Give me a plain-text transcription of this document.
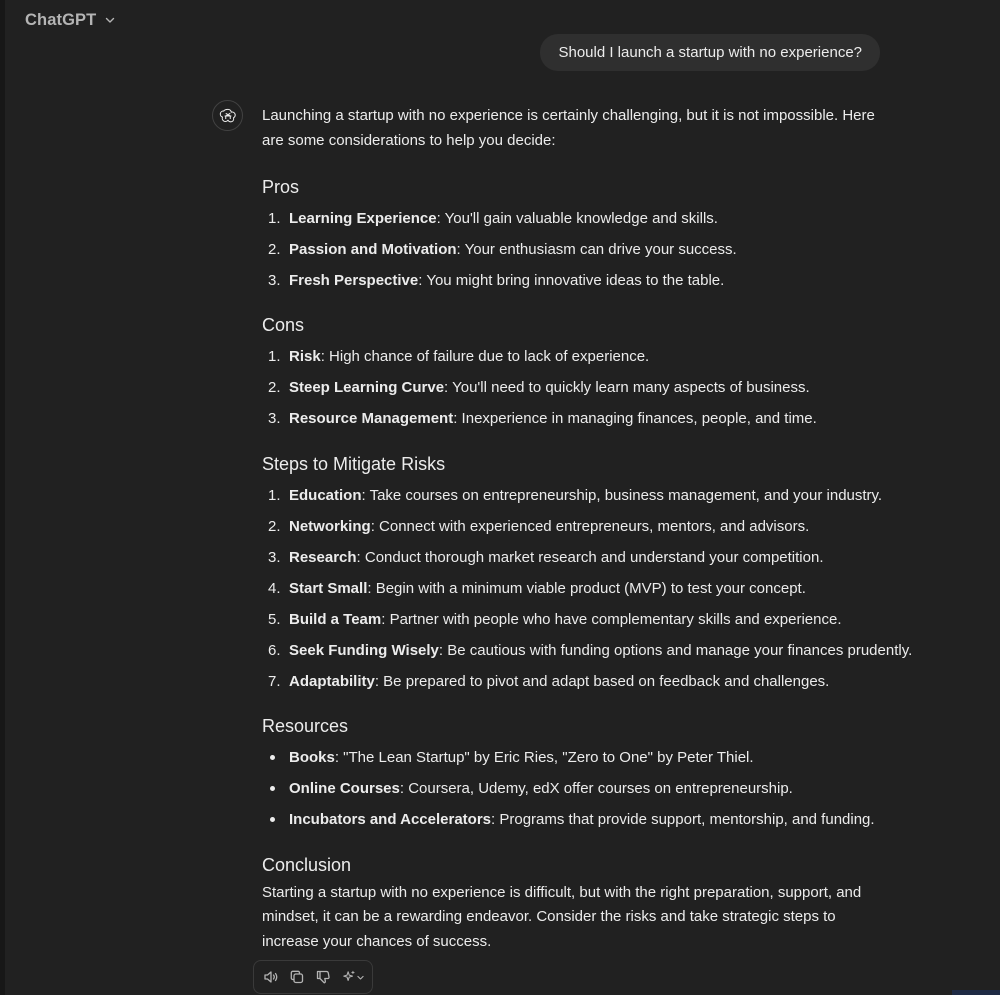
ChatGPT
Should I launch a startup with no experience?

Launching a startup with no experience is certainly challenging, but it is not impossible. Here are some considerations to help you decide:

Pros
1. Learning Experience: You'll gain valuable knowledge and skills.
2. Passion and Motivation: Your enthusiasm can drive your success.
3. Fresh Perspective: You might bring innovative ideas to the table.
Cons
1. Risk: High chance of failure due to lack of experience.
2. Steep Learning Curve: You'll need to quickly learn many aspects of business.
3. Resource Management: Inexperience in managing finances, people, and time.
Steps to Mitigate Risks
1. Education: Take courses on entrepreneurship, business management, and your industry.
2. Networking: Connect with experienced entrepreneurs, mentors, and advisors.
3. Research: Conduct thorough market research and understand your competition.
4. Start Small: Begin with a minimum viable product (MVP) to test your concept.
5. Build a Team: Partner with people who have complementary skills and experience.
6. Seek Funding Wisely: Be cautious with funding options and manage your finances prudently.
7. Adaptability: Be prepared to pivot and adapt based on feedback and challenges.
Resources
Books: "The Lean Startup" by Eric Ries, "Zero to One" by Peter Thiel.
Online Courses: Coursera, Udemy, edX offer courses on entrepreneurship.
Incubators and Accelerators: Programs that provide support, mentorship, and funding.
Conclusion

Starting a startup with no experience is difficult, but with the right preparation, support, and mindset, it can be a rewarding endeavor. Consider the risks and take strategic steps to increase your chances of success.
